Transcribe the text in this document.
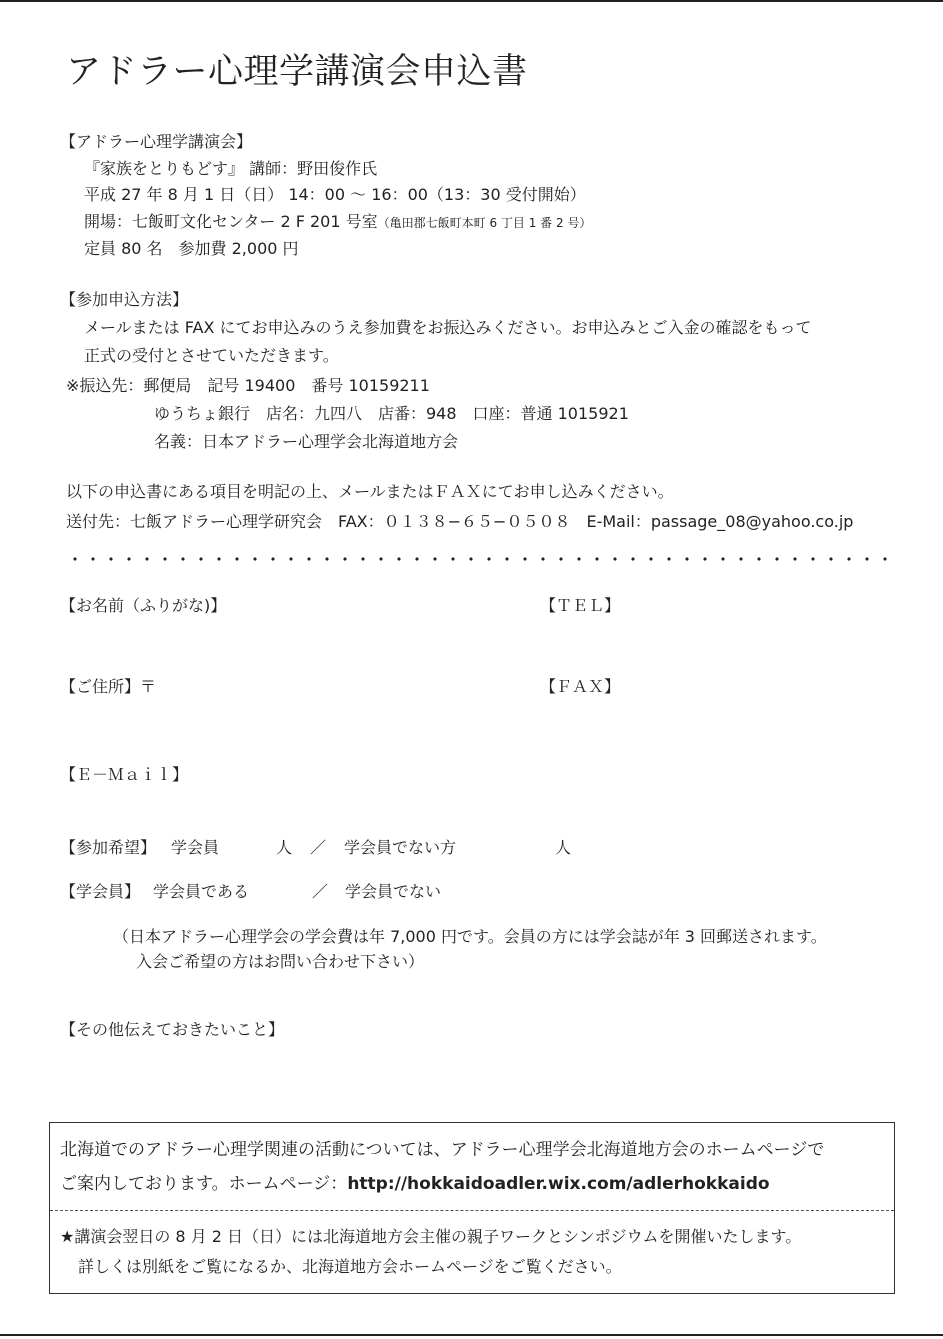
アドラー心理学講演会申込書
【アドラー心理学講演会】
『家族をとりもどす』 講師：野田俊作氏
平成 27 年 8 月 1 日（日） 14：00 ～ 16：00（13：30 受付開始）
開場：七飯町文化センター 2 F 201 号室（亀田郡七飯町本町 6 丁目 1 番 2 号）
定員 80 名　参加費 2,000 円
【参加申込方法】
メールまたは FAX にてお申込みのうえ参加費をお振込みください。お申込みとご入金の確認をもって
正式の受付とさせていただきます。
※振込先：郵便局　記号 19400　番号 10159211
ゆうちょ銀行　店名：九四八　店番：948　口座：普通 1015921
名義：日本アドラー心理学会北海道地方会
以下の申込書にある項目を明記の上、メールまたはＦＡＸにてお申し込みください。
送付先：七飯アドラー心理学研究会　FAX：０１３８−６５−０５０８　E-Mail：passage_08@yahoo.co.jp
【お名前（ふりがな)】	【ＴＥＬ】
【ご住所】〒	【ＦＡＸ】
【Ｅ－Ｍａｉｌ】
【参加希望】 学会員	人 ／ 学会員でない方	人
【学会員】 学会員である	／ 学会員でない
（日本アドラー心理学会の学会費は年 7,000 円です。会員の方には学会誌が年 3 回郵送されます。
入会ご希望の方はお問い合わせ下さい）
【その他伝えておきたいこと】
北海道でのアドラー心理学関連の活動については、アドラー心理学会北海道地方会のホームページで
ご案内しております。ホームページ：http://hokkaidoadler.wix.com/adlerhokkaido
★講演会翌日の 8 月 2 日（日）には北海道地方会主催の親子ワークとシンポジウムを開催いたします。
詳しくは別紙をご覧になるか、北海道地方会ホームページをご覧ください。
